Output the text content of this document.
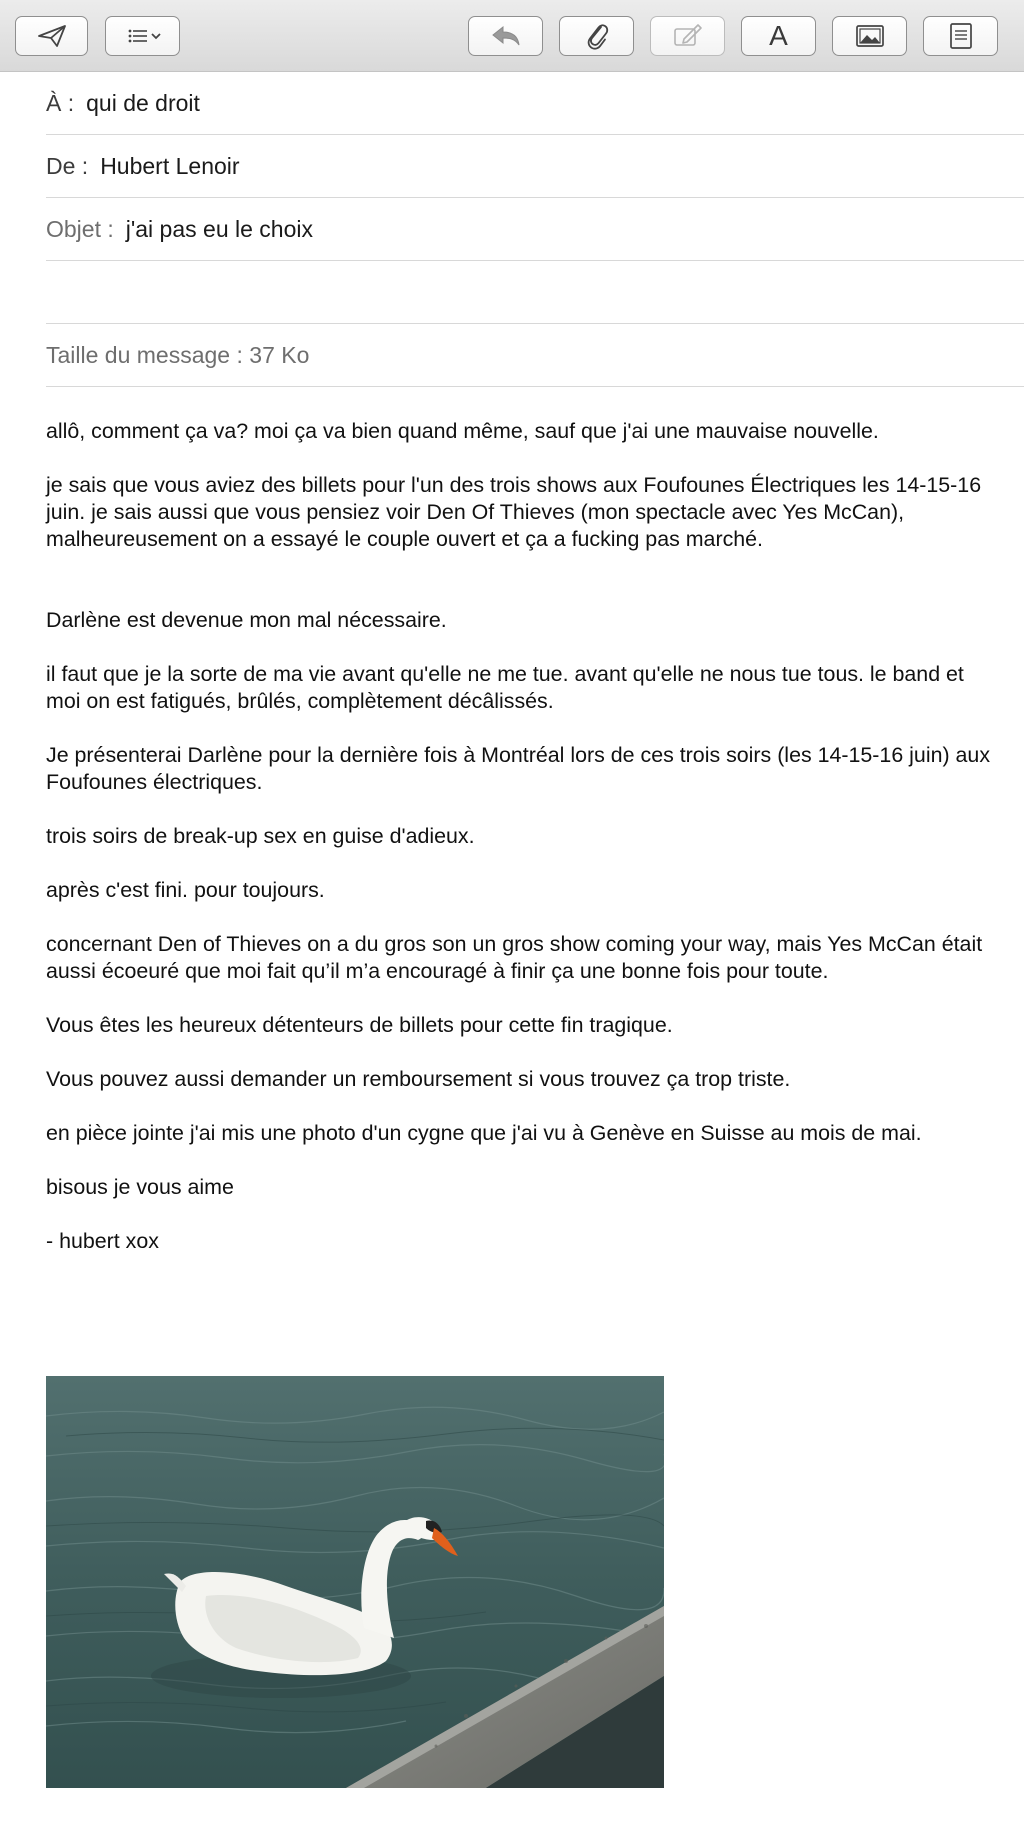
A
À : qui de droit
De : Hubert Lenoir
Objet : j'ai pas eu le choix
Taille du message : 37 Ko

allô, comment ça va? moi ça va bien quand même, sauf que j'ai une mauvaise nouvelle.

je sais que vous aviez des billets pour l'un des trois shows aux Foufounes Électriques les 14-15-16 juin. je sais aussi que vous pensiez voir Den Of Thieves (mon spectacle avec Yes McCan), malheureusement on a essayé le couple ouvert et ça a fucking pas marché.

Darlène est devenue mon mal nécessaire.

il faut que je la sorte de ma vie avant qu'elle ne me tue. avant qu'elle ne nous tue tous. le band et moi on est fatigués, brûlés, complètement décâlissés.

Je présenterai Darlène pour la dernière fois à Montréal lors de ces trois soirs (les 14-15-16 juin) aux Foufounes électriques.

trois soirs de break-up sex en guise d'adieux.

après c'est fini. pour toujours.

concernant Den of Thieves on a du gros son un gros show coming your way, mais Yes McCan était aussi écoeuré que moi fait qu’il m’a encouragé à finir ça une bonne fois pour toute.

Vous êtes les heureux détenteurs de billets pour cette fin tragique.

Vous pouvez aussi demander un remboursement si vous trouvez ça trop triste.

en pièce jointe j'ai mis une photo d'un cygne que j'ai vu à Genève en Suisse au mois de mai.

bisous je vous aime

- hubert xox
